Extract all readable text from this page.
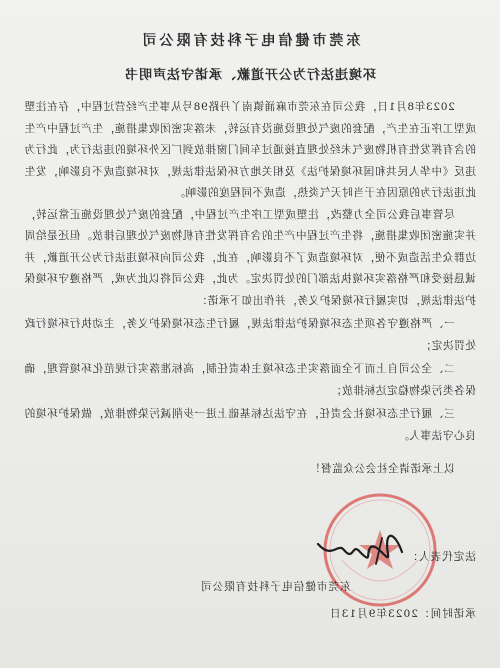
东莞市健信电子科技有限公司

环境违法行为公开道歉、承诺守法声明书

2023年8月1日，我公司在东莞市麻涌镇南丫丹路98号从事生产经营过程中，存在注塑成型工序正在生产，配套的废气处理设施没有运转，未落实密闭收集措施，生产过程中产生的含有挥发性有机物废气未经处理直接通过车间门窗排放到厂区外环境的违法行为，此行为违反《中华人民共和国环境保护法》及相关地方环保法律法规，对环境造成不良影响，发生此违法行为的原因在于当时天气炎热，造成不同程度的影响。

尽管事后我公司全力整改，注塑成型工序生产过程中，配套的废气处理设施正常运转，并实施密闭收集措施，将生产过程中产生的含有挥发性有机物废气处理后排放。但还是给周边群众生活造成不便，对环境造成了不良影响，在此，我公司向环境违法行为公开道歉，并诚恳接受和严格落实环境执法部门的处罚决定。为此，我公司将以此为戒，严格遵守环境保护法律法规，切实履行环境保护义务，并作出如下承诺：

一、严格遵守各项生态环境保护法律法规，履行生态环境保护义务，主动执行环境行政处罚决定；

二、全公司自上而下全面落实生态环境主体责任制，高标准落实行规范化环境管理，确保各类污染物稳定达标排放；

三、履行生态环境社会责任，在守法达标基础上进一步削减污染物排放，做保护环境的良心守法事人。

以上承诺请全社会公众监督！

法定代表人：
东莞市健信电子科技有限公司
承诺时间：2023年9月13日
